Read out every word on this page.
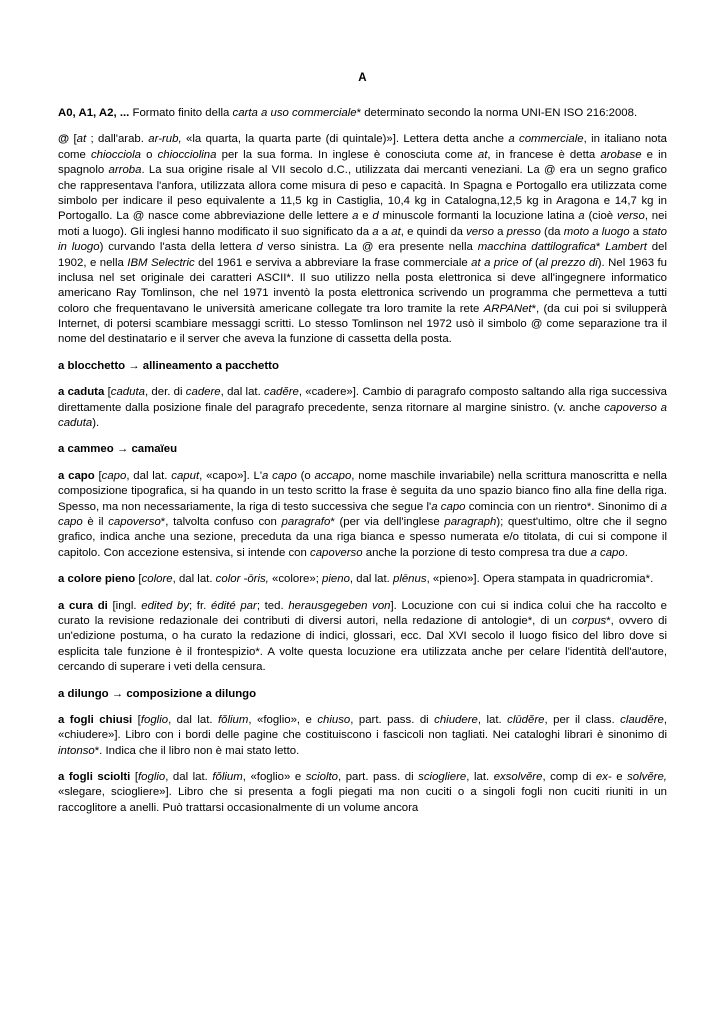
A

A0, A1, A2, ... Formato finito della carta a uso commerciale* determinato secondo la norma UNI-EN ISO 216:2008.

@ [at ; dall'arab. ar-rub, «la quarta, la quarta parte (di quintale)»]. Lettera detta anche a commerciale, in italiano nota come chiocciola o chiocciolina per la sua forma. In inglese è conosciuta come at, in francese è detta arobase e in spagnolo arroba. La sua origine risale al VII secolo d.C., utilizzata dai mercanti veneziani. La @ era un segno grafico che rappresentava l'anfora, utilizzata allora come misura di peso e capacità. In Spagna e Portogallo era utilizzata come simbolo per indicare il peso equivalente a 11,5 kg in Castiglia, 10,4 kg in Catalogna,12,5 kg in Aragona e 14,7 kg in Portogallo. La @ nasce come abbreviazione delle lettere a e d minuscole formanti la locuzione latina a (cioè verso, nei moti a luogo). Gli inglesi hanno modificato il suo significato da a a at, e quindi da verso a presso (da moto a luogo a stato in luogo) curvando l'asta della lettera d verso sinistra. La @ era presente nella macchina dattilografica* Lambert del 1902, e nella IBM Selectric del 1961 e serviva a abbreviare la frase commerciale at a price of (al prezzo di). Nel 1963 fu inclusa nel set originale dei caratteri ASCII*. Il suo utilizzo nella posta elettronica si deve all'ingegnere informatico americano Ray Tomlinson, che nel 1971 inventò la posta elettronica scrivendo un programma che permetteva a tutti coloro che frequentavano le università americane collegate tra loro tramite la rete ARPANet*, (da cui poi si svilupperà Internet, di potersi scambiare messaggi scritti. Lo stesso Tomlinson nel 1972 usò il simbolo @ come separazione tra il nome del destinatario e il server che aveva la funzione di cassetta della posta.

a blocchetto → allineamento a pacchetto

a caduta [caduta, der. di cadere, dal lat. cadĕre, «cadere»]. Cambio di paragrafo composto saltando alla riga successiva direttamente dalla posizione finale del paragrafo precedente, senza ritornare al margine sinistro. (v. anche capoverso a caduta).

a cammeo → camaïeu

a capo [capo, dal lat. caput, «capo»]. L'a capo (o accapo, nome maschile invariabile) nella scrittura manoscritta e nella composizione tipografica, si ha quando in un testo scritto la frase è seguita da uno spazio bianco fino alla fine della riga. Spesso, ma non necessariamente, la riga di testo successiva che segue l'a capo comincia con un rientro*. Sinonimo di a capo è il capoverso*, talvolta confuso con paragrafo* (per via dell'inglese paragraph); quest'ultimo, oltre che il segno grafico, indica anche una sezione, preceduta da una riga bianca e spesso numerata e/o titolata, di cui si compone il capitolo. Con accezione estensiva, si intende con capoverso anche la porzione di testo compresa tra due a capo.

a colore pieno [colore, dal lat. color -ōris, «colore»; pieno, dal lat. plēnus, «pieno»]. Opera stampata in quadricromia*.

a cura di [ingl. edited by; fr. édité par; ted. herausgegeben von]. Locuzione con cui si indica colui che ha raccolto e curato la revisione redazionale dei contributi di diversi autori, nella redazione di antologie*, di un corpus*, ovvero di un'edizione postuma, o ha curato la redazione di indici, glossari, ecc. Dal XVI secolo il luogo fisico del libro dove si esplicita tale funzione è il frontespizio*. A volte questa locuzione era utilizzata anche per celare l'identità dell'autore, cercando di superare i veti della censura.

a dilungo → composizione a dilungo

a fogli chiusi [foglio, dal lat. fŏlium, «foglio», e chiuso, part. pass. di chiudere, lat. clūdĕre, per il class. claudĕre, «chiudere»]. Libro con i bordi delle pagine che costituiscono i fascicoli non tagliati. Nei cataloghi librari è sinonimo di intonso*. Indica che il libro non è mai stato letto.

a fogli sciolti [foglio, dal lat. fŏlium, «foglio» e sciolto, part. pass. di sciogliere, lat. exsolvĕre, comp di ex- e solvĕre, «slegare, sciogliere»]. Libro che si presenta a fogli piegati ma non cuciti o a singoli fogli non cuciti riuniti in un raccoglitore a anelli. Può trattarsi occasionalmente di un volume ancora
